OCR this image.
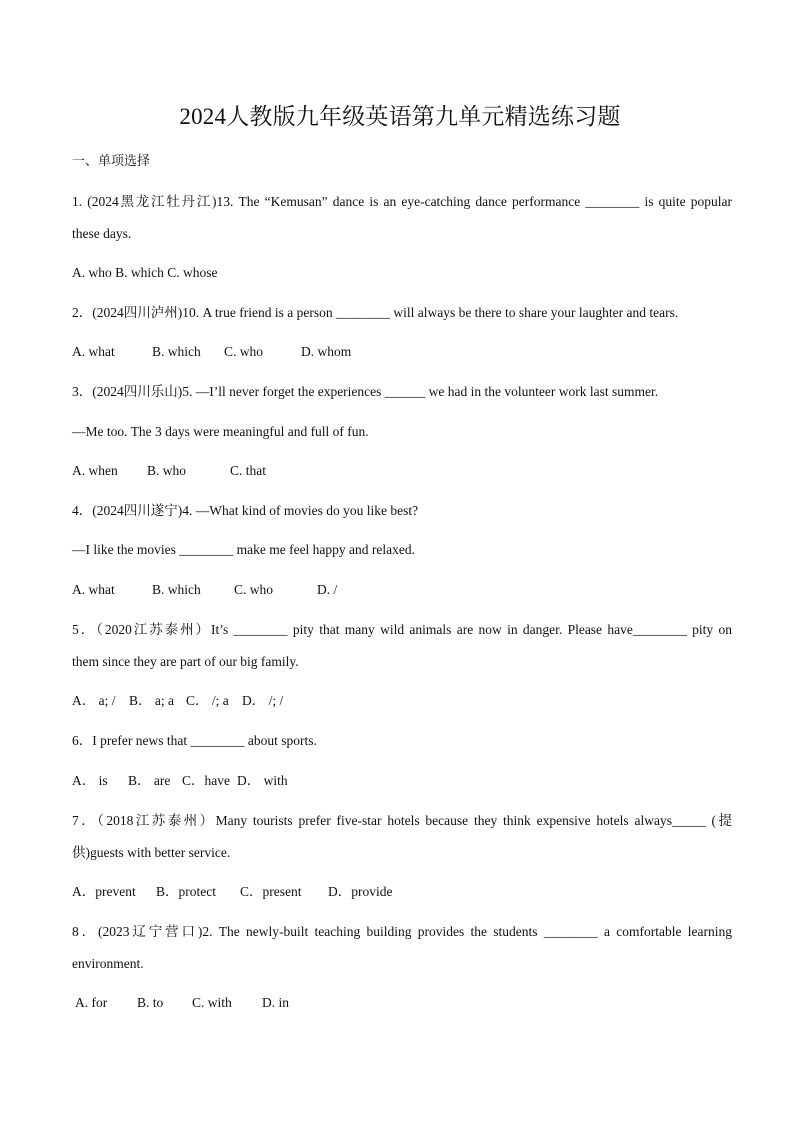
2024人教版九年级英语第九单元精选练习题
一、单项选择
1. (2024黑龙江牡丹江)13. The “Kemusan” dance is an eye-catching dance performance ________ is quite popular
these days.
A. who B. which C. whose
2．(2024四川泸州)10. A true friend is a person ________ will always be there to share your laughter and tears.
A. what	B. which C. who	D. whom
3．(2024四川乐山)5. —I’ll never forget the experiences ______ we had in the volunteer work last summer.
—Me too. The 3 days were meaningful and full of fun.
A. when B. who	C. that
4．(2024四川遂宁)4. —What kind of movies do you like best?
—I like the movies ________ make me feel happy and relaxed.
A. what	B. which C. who	D. /
5．（2020江苏泰州）It’s ________ pity that many wild animals are now in danger. Please have________ pity on
them since they are part of our big family.
A． a; / B． a; a C． /; a D． /; /
6．I prefer news that ________ about sports.
A． is B． are C．have D． with
7．（2018江苏泰州）Many tourists prefer five-star hotels because they think expensive hotels always_____ (提
供)guests with better service.
A．prevent B．protect C．present D．provide
8．(2023辽宁营口)2. The newly-built teaching building provides the students ________ a comfortable learning
environment.
A. for B. to C. with D. in
